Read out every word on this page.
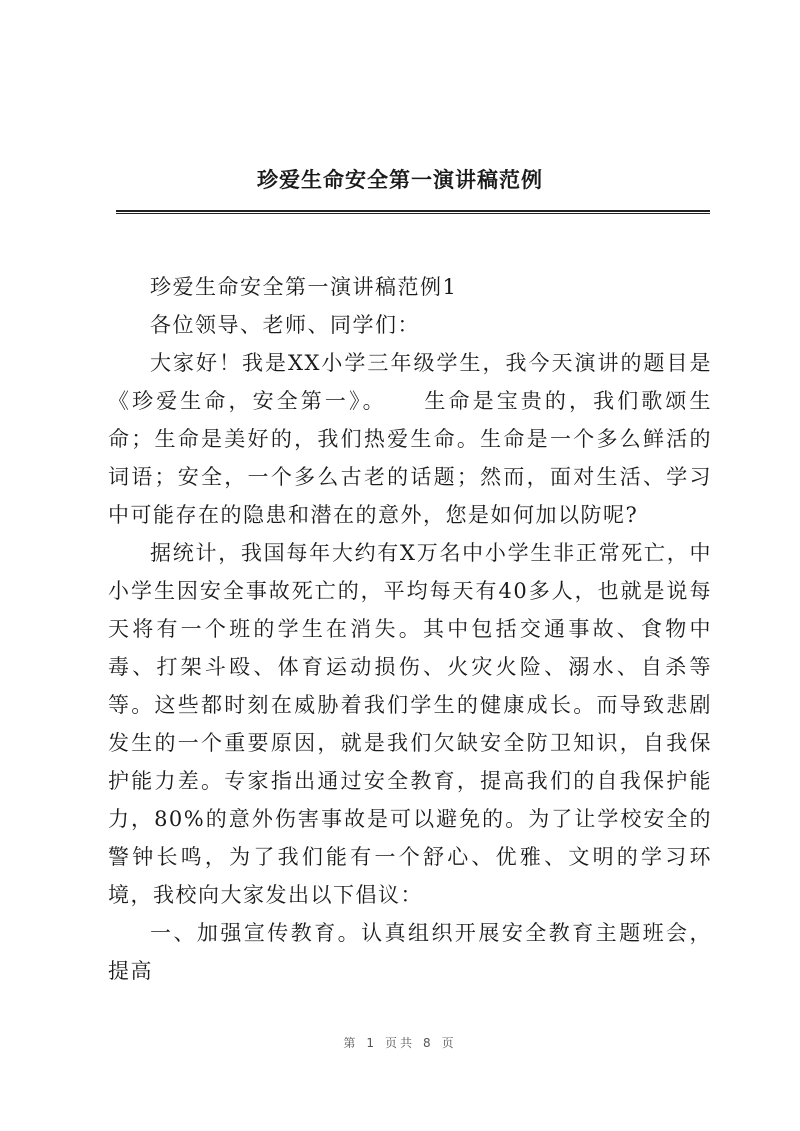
珍爱生命安全第一演讲稿范例

珍爱生命安全第一演讲稿范例1

各位领导、老师、同学们：

大家好！我是XX小学三年级学生，我今天演讲的题目是《珍爱生命，安全第一》。　　生命是宝贵的，我们歌颂生命；生命是美好的，我们热爱生命。生命是一个多么鲜活的词语；安全，一个多么古老的话题；然而，面对生活、学习中可能存在的隐患和潜在的意外，您是如何加以防呢?

据统计，我国每年大约有X万名中小学生非正常死亡，中小学生因安全事故死亡的，平均每天有40多人，也就是说每天将有一个班的学生在消失。其中包括交通事故、食物中毒、打架斗殴、体育运动损伤、火灾火险、溺水、自杀等等。这些都时刻在威胁着我们学生的健康成长。而导致悲剧发生的一个重要原因，就是我们欠缺安全防卫知识，自我保护能力差。专家指出通过安全教育，提高我们的自我保护能力，80%的意外伤害事故是可以避免的。为了让学校安全的警钟长鸣，为了我们能有一个舒心、优雅、文明的学习环境，我校向大家发出以下倡议：

一、加强宣传教育。认真组织开展安全教育主题班会，提高

第 1 页共 8 页
